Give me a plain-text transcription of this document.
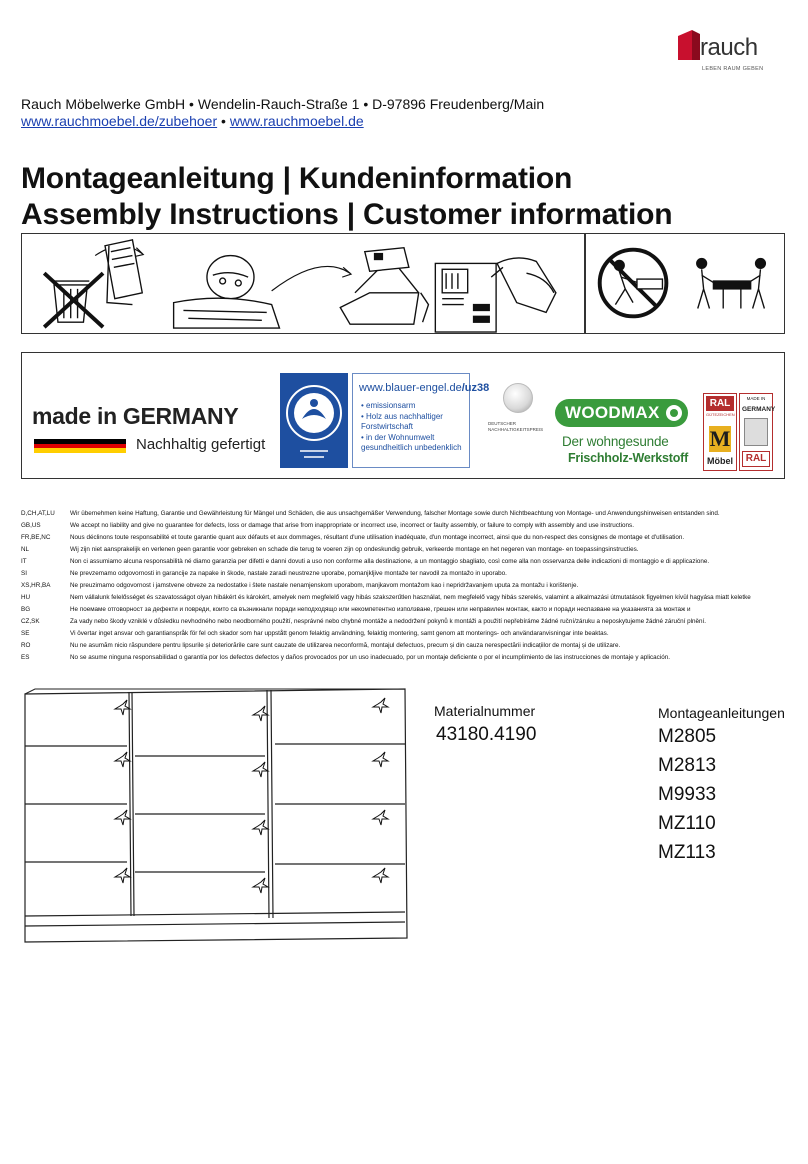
rauch
LEBEN RAUM GEBEN
Rauch Möbelwerke GmbH • Wendelin-Rauch-Straße 1 • D-97896 Freudenberg/Main
www.rauchmoebel.de/zubehoer • www.rauchmoebel.de
Montageanleitung | Kundeninformation
Assembly Instructions | Customer information
made in GERMANY
Nachhaltig gefertigt
www.blauer-engel.de/uz38
• emissionsarm
• Holz aus nachhaltiger Forstwirtschaft
• in der Wohnumwelt gesundheitlich unbedenklich
DEUTSCHER NACHHALTIGKEITSPREIS
WOODMAX
Der wohngesunde
Frischholz-Werkstoff
RAL
GÜTEZEICHEN
M
Möbel
MADE IN
GERMANY
RAL
D,CH,AT,LU	Wir übernehmen keine Haftung, Garantie und Gewährleistung für Mängel und Schäden, die aus unsachgemäßer Verwendung, falscher Montage sowie durch Nichtbeachtung von Montage- und Anwendungshinweisen entstanden sind.
GB,US	We accept no liability and give no guarantee for defects, loss or damage that arise from inappropriate or incorrect use, incorrect or faulty assembly, or failure to comply with assembly and use instructions.
FR,BE,NC	Nous déclinons toute responsabilité et toute garantie quant aux défauts et aux dommages, résultant d'une utilisation inadéquate, d'un montage incorrect, ainsi que du non-respect des consignes de montage et d'utilisation.
NL	Wij zijn niet aansprakelijk en verlenen geen garantie voor gebreken en schade die terug te voeren zijn op ondeskundig gebruik, verkeerde montage en het negeren van montage- en toepassingsinstructies.
IT	Non ci assumiamo alcuna responsabilità né diamo garanzia per difetti e danni dovuti a uso non conforme alla destinazione, a un montaggio sbagliato, così come alla non osservanza delle indicazioni di montaggio e di applicazione.
SI	Ne prevzemamo odgovornosti in garancije za napake in škode, nastale zaradi neustrezne uporabe, pomanjkljive montaže ter navodil za montažo in uporabo.
XS,HR,BA	Ne preuzimamo odgovornost i jamstvene obveze za nedostatke i štete nastale nenamjenskom uporabom, manjkavom montažom kao i nepridržavanjem uputa za montažu i korištenje.
HU	Nem vállalunk felelősséget és szavatosságot olyan hibákért és károkért, amelyek nem megfelelő vagy hibás szakszerűtlen használat, nem megfelelő vagy hibás szerelés, valamint a alkalmazási útmutatások figyelmen kívül hagyása miatt keletke
BG	Не поемаме отговорност за дефекти и повреди, които са възникнали поради неподходящо или некомпетентно използване, грешен или неправилен монтаж, както и поради неспазване на указанията за монтаж и
CZ,SK	Za vady nebo škody vzniklé v důsledku nevhodného nebo neodborného použití, nesprávné nebo chybné montáže a nedodržení pokynů k montáži a použití nepřebíráme žádné ruční/záruku a neposkytujeme žádné záruční plnění.
SE	Vi övertar inget ansvar och garantianspråk för fel och skador som har uppstått genom felaktig användning, felaktig montering, samt genom att monterings- och användaranvisningar inte beaktas.
RO	Nu ne asumăm nicio răspundere pentru lipsurile și deteriorările care sunt cauzate de utilizarea neconformă, montajul defectuos, precum și din cauza nerespectării indicațiilor de montaj și de utilizare.
ES	No se asume ninguna responsabilidad o garantía por los defectos defectos y daños provocados por un uso inadecuado, por un montaje deficiente o por el incumplimiento de las instrucciones de montaje y aplicación.
Materialnummer
43180.4190
Montageanleitungen
M2805
M2813
M9933
MZ110
MZ113
